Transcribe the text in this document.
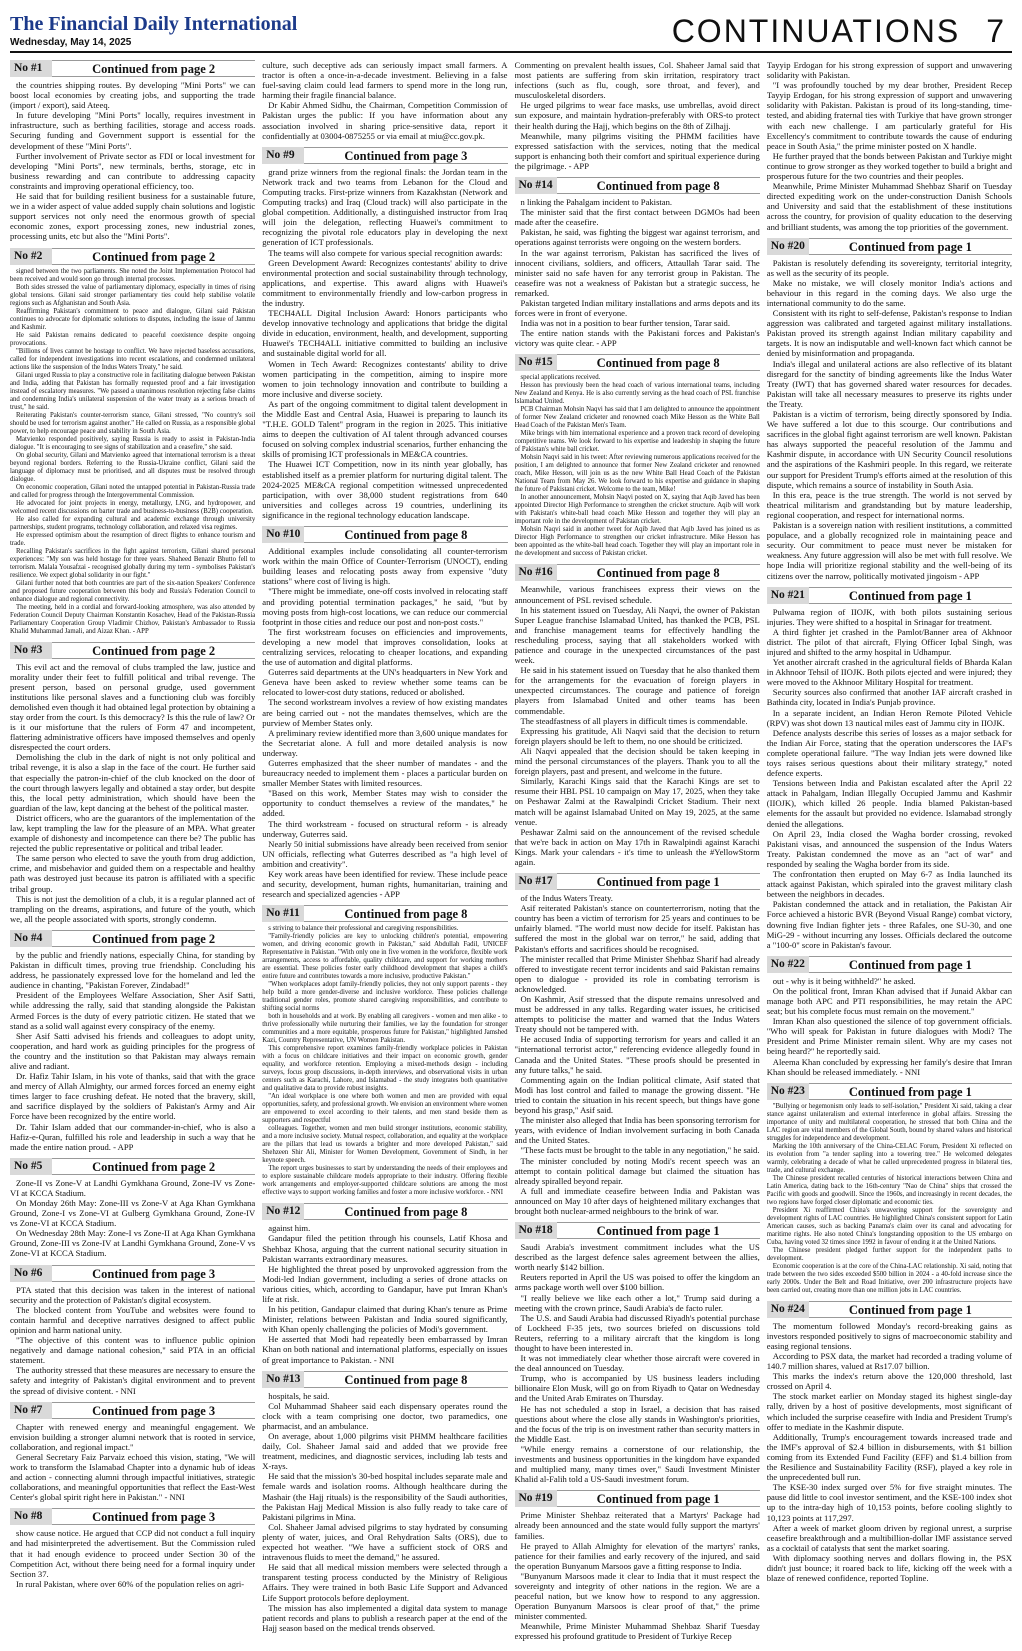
The Financial Daily International
Wednesday, May 14, 2025	CONTINUATIONS 7
No #1	Continued from page 2

the countries shipping routes. By developing "Mini Ports" we can boost local economies by creating jobs, and supporting the trade (import / export), said Ateeq.

In future developing "Mini Ports" locally, requires investment in infrastructure, such as berthing facilities, storage and access roads. Securing funding and Government support is essential for the development of these "Mini Ports".

Further involvement of Private sector as FDI or local investment for developing "Mini Ports", new terminals, berths, storage, etc in business rewarding and can contribute to addressing capacity constraints and improving operational efficiency, too.

He said that for building resilient business for a sustainable future, we in a wider aspect of value added supply chain solutions and logistic support services not only need the enormous growth of special economic zones, export processing zones, new industrial zones, processing units, etc but also the "Mini Ports".

No #2	Continued from page 2

signed between the two parliaments. She noted the Joint Implementation Protocol had been received and would soon go through internal processes.

Both sides stressed the value of parliamentary diplomacy, especially in times of rising global tensions. Gilani said stronger parliamentary ties could help stabilise volatile regions such as Afghanistan and South Asia.

Reaffirming Pakistan's commitment to peace and dialogue, Gilani said Pakistan continues to advocate for diplomatic solutions to disputes, including the issue of Jammu and Kashmir.

He said Pakistan remains dedicated to peaceful coexistence despite ongoing provocations.

"Billions of lives cannot be hostage to conflict. We have rejected baseless accusations, called for independent investigations into recent escalations, and condemned unilateral actions like the suspension of the Indus Waters Treaty," he said.

Gilani urged Russia to play a constructive role in facilitating dialogue between Pakistan and India, adding that Pakistan has formally requested proof and a fair investigation instead of escalatory measures. "We passed a unanimous resolution rejecting false claims and condemning India's unilateral suspension of the water treaty as a serious breach of trust," he said.

Reiterating Pakistan's counter-terrorism stance, Gilani stressed, "No country's soil should be used for terrorism against another." He called on Russia, as a responsible global power, to help encourage peace and stability in South Asia.

Matvienko responded positively, saying Russia is ready to assist in Pakistan-India dialogue. "It is encouraging to see signs of stabilization and a ceasefire," she said.

On global security, Gilani and Matvienko agreed that international terrorism is a threat beyond regional borders. Referring to the Russia-Ukraine conflict, Gilani said the language of diplomacy must be prioritised, and all disputes must be resolved through dialogue.

On economic cooperation, Gilani noted the untapped potential in Pakistan-Russia trade and called for progress through the Intergovernmental Commission.

He advocated for joint projects in energy, metallurgy, LNG, and hydropower, and welcomed recent discussions on barter trade and business-to-business (B2B) cooperation.

He also called for expanding cultural and academic exchange through university partnerships, student programs, technology collaboration, and relaxed visa regimes.

He expressed optimism about the resumption of direct flights to enhance tourism and trade.

Recalling Pakistan's sacrifices in the fight against terrorism, Gilani shared personal experiences: "My son was held hostage for three years. Shaheed Benazir Bhutto fell to terrorism. Malala Yousafzai - recognised globally during my term - symbolises Pakistan's resilience. We expect global solidarity in our fight."

Gilani further noted that both countries are part of the six-nation Speakers' Conference and proposed future cooperation between this body and Russia's Federation Council to enhance dialogue and regional connectivity.

The meeting, held in a cordial and forward-looking atmosphere, was also attended by Federation Council Deputy Chairman Konstantin Kosachev, Head of the Pakistan-Russia Parliamentary Cooperation Group Vladimir Chizhov, Pakistan's Ambassador to Russia Khalid Muhammad Jamali, and Aizaz Khan. - APP

No #3	Continued from page 2

This evil act and the removal of clubs trampled the law, justice and morality under their feet to fulfill political and tribal revenge. The present person, based on personal grudge, used government institutions like personal slaves and a functioning club was forcibly demolished even though it had obtained legal protection by obtaining a stay order from the court. Is this democracy? Is this the rule of law? Or is it our misfortune that the rulers of Form 47 and incompetent, flattering administrative officers have imposed themselves and openly disrespected the court orders.

Demolishing the club in the dark of night is not only political and tribal revenge, it is also a slap in the face of the court. He further said that especially the patron-in-chief of the club knocked on the door of the court through lawyers legally and obtained a stay order, but despite this, the local petty administration, which should have been the guardian of the law, kept dancing at the behest of the political master.

District officers, who are the guarantors of the implementation of the law, kept trampling the law for the pleasure of an MPA. What greater example of dishonesty and incompetence can there be? The public has rejected the public representative or political and tribal leader.

The same person who elected to save the youth from drug addiction, crime, and misbehavior and guided them on a respectable and healthy path was destroyed just because its patron is affiliated with a specific tribal group.

This is not just the demolition of a club, it is a regular planned act of trampling on the dreams, aspirations, and future of the youth, which we, all the people associated with sports, strongly condemn.

No #4	Continued from page 2

by the public and friendly nations, especially China, for standing by Pakistan in difficult times, proving true friendship. Concluding his address, he passionately expressed love for the homeland and led the audience in chanting, "Pakistan Forever, Zindabad!"

President of the Employees Welfare Association, Sher Asif Satti, while addressing the rally, said that standing alongside the Pakistan Armed Forces is the duty of every patriotic citizen. He stated that we stand as a solid wall against every conspiracy of the enemy.

Sher Asif Satti advised his friends and colleagues to adopt unity, cooperation, and hard work as guiding principles for the progress of the country and the institution so that Pakistan may always remain alive and radiant.

Dr. Hafiz Tahir Islam, in his vote of thanks, said that with the grace and mercy of Allah Almighty, our armed forces forced an enemy eight times larger to face crushing defeat. He noted that the bravery, skill, and sacrifice displayed by the soldiers of Pakistan's Army and Air Force have been recognized by the entire world.

Dr. Tahir Islam added that our commander-in-chief, who is also a Hafiz-e-Quran, fulfilled his role and leadership in such a way that he made the entire nation proud. - APP

No #5	Continued from page 2

Zone-II vs Zone-V at Landhi Gymkhana Ground, Zone-IV vs Zone-VI at KCCA Stadium.

On Monday 26th May: Zone-III vs Zone-V at Aga Khan Gymkhana Ground, Zone-I vs Zone-VI at Gulberg Gymkhana Ground, Zone-IV vs Zone-VI at KCCA Stadium.

On Wednesday 28th May: Zone-I vs Zone-II at Aga Khan Gymkhana Ground, Zone-III vs Zone-IV at Landhi Gymkhana Ground, Zone-V vs Zone-VI at KCCA Stadium.

No #6	Continued from page 3

PTA stated that this decision was taken in the interest of national security and the protection of Pakistan's digital ecosystem.

The blocked content from YouTube and websites were found to contain harmful and deceptive narratives designed to affect public opinion and harm national unity.

"The objective of this content was to influence public opinion negatively and damage national cohesion," said PTA in an official statement.

The authority stressed that these measures are necessary to ensure the safety and integrity of Pakistan's digital environment and to prevent the spread of divisive content. - NNI

No #7	Continued from page 3

Chapter with renewed energy and meaningful engagement. We envision building a stronger alumni network that is rooted in service, collaboration, and regional impact."

General Secretary Faiz Parvaiz echoed this vision, stating, "We will work to transform the Islamabad Chapter into a dynamic hub of ideas and action - connecting alumni through impactful initiatives, strategic collaborations, and meaningful opportunities that reflect the East-West Center's global spirit right here in Pakistan." - NNI

No #8	Continued from page 3

show cause notice. He argued that CCP did not conduct a full inquiry and had misinterpreted the advertisement. But the Commission ruled that it had enough evidence to proceed under Section 30 of the Competition Act, without there being need for a formal inquiry under Section 37.

In rural Pakistan, where over 60% of the population relies on agri-

culture, such deceptive ads can seriously impact small farmers. A tractor is often a once-in-a-decade investment. Believing in a false fuel-saving claim could lead farmers to spend more in the long run, harming their fragile financial balance.

Dr Kabir Ahmed Sidhu, the Chairman, Competition Commission of Pakistan urges the public: If you have information about any association involved in sharing price-sensitive data, report it confidentially at 03004-0875255 or via email at miu@cc.gov.pk.

No #9	Continued from page 3

grand prize winners from the regional finals: the Jordan team in the Network track and two teams from Lebanon for the Cloud and Computing tracks. First-prize winners from Kazakhstan (Network and Computing tracks) and Iraq (Cloud track) will also participate in the global competition. Additionally, a distinguished instructor from Iraq will join the delegation, reflecting Huawei's commitment to recognizing the pivotal role educators play in developing the next generation of ICT professionals.

The teams will also compete for various special recognition awards:

Green Development Award: Recognizes contestants' ability to drive environmental protection and social sustainability through technology, applications, and expertise. This award aligns with Huawei's commitment to environmentally friendly and low-carbon progress in the industry.

TECH4ALL Digital Inclusion Award: Honors participants who develop innovative technology and applications that bridge the digital divide in education, environment, health, and development, supporting Huawei's TECH4ALL initiative committed to building an inclusive and sustainable digital world for all.

Women in Tech Award: Recognizes contestants' ability to drive women participating in the competition, aiming to inspire more women to join technology innovation and contribute to building a more inclusive and diverse society.

As part of the ongoing commitment to digital talent development in the Middle East and Central Asia, Huawei is preparing to launch its "T.H.E. GOLD Talent" program in the region in 2025. This initiative aims to deepen the cultivation of AI talent through advanced courses focused on solving complex industrial scenarios, further enhancing the skills of promising ICT professionals in ME&CA countries.

The Huawei ICT Competition, now in its ninth year globally, has established itself as a premier platform for nurturing digital talent. The 2024-2025 ME&CA regional competition witnessed unprecedented participation, with over 38,000 student registrations from 640 universities and colleges across 19 countries, underlining its significance in the regional technology education landscape.

No #10	Continued from page 8

Additional examples include consolidating all counter-terrorism work within the main Office of Counter-Terrorism (UNOCT), ending building leases and relocating posts away from expensive "duty stations" where cost of living is high.

"There might be immediate, one-off costs involved in relocating staff and providing potential termination packages," he said, "but by moving posts from high-cost locations, we can reduce our commercial footprint in those cities and reduce our post and non-post costs."

The first workstream focuses on efficiencies and improvements, developing a new model that improves consolidation, looks at centralizing services, relocating to cheaper locations, and expanding the use of automation and digital platforms.

Guterres said departments at the UN's headquarters in New York and Geneva have been asked to review whether some teams can be relocated to lower-cost duty stations, reduced or abolished.

The second workstream involves a review of how existing mandates are being carried out - not the mandates themselves, which are the purview of Member States only.

A preliminary review identified more than 3,600 unique mandates for the Secretariat alone. A full and more detailed analysis is now underway.

Guterres emphasized that the sheer number of mandates - and the bureaucracy needed to implement them - places a particular burden on smaller Member States with limited resources.

"Based on this work, Member States may wish to consider the opportunity to conduct themselves a review of the mandates," he added.

The third workstream - focused on structural reform - is already underway, Guterres said.

Nearly 50 initial submissions have already been received from senior UN officials, reflecting what Guterres described as "a high level of ambition and creativity".

Key work areas have been identified for review. These include peace and security, development, human rights, humanitarian, training and research and specialized agencies - APP

No #11	Continued from page 8

s striving to balance their professional and caregiving responsibilities.

"Family-friendly policies are key to unlocking children's potential, empowering women, and driving economic growth in Pakistan," said Abdullah Fadil, UNICEF Representative in Pakistan. "With only one in five women in the workforce, flexible work arrangements, access to affordable, quality childcare, and support for working mothers are essential. These policies foster early childhood development that shapes a child's entire future and contributes towards a more inclusive, productive Pakistan."

"When workplaces adopt family-friendly policies, they not only support parents - they help build a more gender-diverse and inclusive workforce. These policies challenge traditional gender roles, promote shared caregiving responsibilities, and contribute to shifting social norms

both in households and at work. By enabling all caregivers - women and men alike - to thrive professionally while nurturing their families, we lay the foundation for stronger communities and a more equitable, prosperous future for Pakistan," highlighted Jamshed Kazi, Country Representative, UN Women Pakistan.

This comprehensive report examines family-friendly workplace policies in Pakistan with a focus on childcare initiatives and their impact on economic growth, gender equality, and workforce retention. Employing a mixed-methods design - including surveys, focus group discussions, in-depth interviews, and observational visits in urban centers such as Karachi, Lahore, and Islamabad - the study integrates both quantitative and qualitative data to provide robust insights.

"An ideal workplace is one where both women and men are provided with equal opportunities, safety, and professional growth. We envision an environment where women are empowered to excel according to their talents, and men stand beside them as supporters and respectful

colleagues. Together, women and men build stronger institutions, economic stability, and a more inclusive society. Mutual respect, collaboration, and equality at the workplace are the pillars that lead us towards a brighter and more developed Pakistan," said Shehzeen Shir Ali, Minister for Women Development, Government of Sindh, in her keynote speech.

The report urges businesses to start by understanding the needs of their employees and to explore sustainable childcare models appropriate to their industry. Offering flexible work arrangements and employer-supported childcare solutions are among the most effective ways to support working families and foster a more inclusive workforce. - NNI

No #12	Continued from page 8

against him.

Gandapur filed the petition through his counsels, Latif Khosa and Shehbaz Khosa, arguing that the current national security situation in Pakistan warrants extraordinary measures.

He highlighted the threat posed by unprovoked aggression from the Modi-led Indian government, including a series of drone attacks on various cities, which, according to Gandapur, have put Imran Khan's life at risk.

In his petition, Gandapur claimed that during Khan's tenure as Prime Minister, relations between Pakistan and India soured significantly, with Khan openly challenging the policies of Modi's government.

He asserted that Modi had repeatedly been embarrassed by Imran Khan on both national and international platforms, especially on issues of great importance to Pakistan. - NNI

No #13	Continued from page 8

hospitals, he said.

Col Muhammad Shaheer said each dispensary operates round the clock with a team comprising one doctor, two paramedics, one pharmacist, and an ambulance.

On average, about 1,000 pilgrims visit PHMM healthcare facilities daily, Col. Shaheer Jamal said and added that we provide free treatment, medicines, and diagnostic services, including lab tests and X-rays.

He said that the mission's 30-bed hospital includes separate male and female wards and isolation rooms. Although healthcare during the Mashair (the Hajj rituals) is the responsibility of the Saudi authorities, the Pakistan Hajj Medical Mission is also fully ready to take care of Pakistani pilgrims in Mina.

Col. Shaheer Jamal advised pilgrims to stay hydrated by consuming plenty of water, juices, and Oral Rehydration Salts (ORS), due to expected hot weather. "We have a sufficient stock of ORS and intravenous fluids to meet the demand," he assured.

He said that all medical mission members were selected through a transparent testing process conducted by the Ministry of Religious Affairs. They were trained in both Basic Life Support and Advanced Life Support protocols before deployment.

The mission has also implemented a digital data system to manage patient records and plans to publish a research paper at the end of the Hajj season based on the medical trends observed.

Commenting on prevalent health issues, Col. Shaheer Jamal said that most patients are suffering from skin irritation, respiratory tract infections (such as flu, cough, sore throat, and fever), and musculoskeletal disorders.

He urged pilgrims to wear face masks, use umbrellas, avoid direct sun exposure, and maintain hydration-preferably with ORS-to protect their health during the Hajj, which begins on the 8th of Zilhajj.

Meanwhile, many pilgrims visiting the PHMM facilities have expressed satisfaction with the services, noting that the medical support is enhancing both their comfort and spiritual experience during the pilgrimage. - APP

No #14	Continued from page 8

n linking the Pahalgam incident to Pakistan.

The minister said that the first contact between DGMOs had been made after the ceasefire.

Pakistan, he said, was fighting the biggest war against terrorism, and operations against terrorists were ongoing on the western borders.

In the war against terrorism, Pakistan has sacrificed the lives of innocent civilians, soldiers, and officers, Attaullah Tarar said. The minister said no safe haven for any terrorist group in Pakistan. The ceasefire was not a weakness of Pakistan but a strategic success, he remarked.

Pakistan targeted Indian military installations and arms depots and its forces were in front of everyone.

India was not in a position to bear further tension, Tarar said.

The entire nation stands with the Pakistani forces and Pakistan's victory was quite clear. - APP

No #15	Continued from page 8

special applications received.

Hesson has previously been the head coach of various international teams, including New Zealand and Kenya. He is also currently serving as the head coach of PSL franchise Islamabad United.

PCB Chairman Mohsin Naqvi has said that I am delighted to announce the appointment of former New Zealand cricketer and renowned coach Mike Hesson as the White Ball Head Coach of the Pakistan Men's Team.

Mike brings with him international experience and a proven track record of developing competitive teams. We look forward to his expertise and leadership in shaping the future of Pakistan's white ball cricket.

Mohsin Naqvi said in his tweet: After reviewing numerous applications received for the position, I am delighted to announce that former New Zealand cricketer and renowned coach, Mike Hesson, will join us as the new White Ball Head Coach of the Pakistan National Team from May 26. We look forward to his expertise and guidance in shaping the future of Pakistani cricket. Welcome to the team, Mike!

In another announcement, Mohsin Naqvi posted on X, saying that Aqib Javed has been appointed Director High Performance to strengthen the cricket structure. Aqib will work with Pakistan's white-ball head coach Mike Hesson and together they will play an important role in the development of Pakistan cricket.

Mohsin Naqvi said in another tweet for Aqib Javed that Aqib Javed has joined us as Director High Performance to strengthen our cricket infrastructure. Mike Hesson has been appointed as the white-ball head coach. Together they will play an important role in the development and success of Pakistan cricket.

No #16	Continued from page 8

Meanwhile, various franchisees express their views on the announcement of PSL revised schedule.

In his statement issued on Tuesday, Ali Naqvi, the owner of Pakistan Super League franchise Islamabad United, has thanked the PCB, PSL and franchise management teams for effectively handling the rescheduling process, saying that all stakeholders worked with patience and courage in the unexpected circumstances of the past week.

He said in his statement issued on Tuesday that he also thanked them for the arrangements for the evacuation of foreign players in unexpected circumstances. The courage and patience of foreign players from Islamabad United and other teams has been commendable.

The steadfastness of all players in difficult times is commendable.

Expressing his gratitude, Ali Naqvi said that the decision to return foreign players should be left to them, no one should be criticized.

Ali Naqvi appealed that the decision should be taken keeping in mind the personal circumstances of the players. Thank you to all the foreign players, past and present, and welcome in the future.

Similarly, Karachi Kings said that the Karachi Kings are set to resume their HBL PSL 10 campaign on May 17, 2025, when they take on Peshawar Zalmi at the Rawalpindi Cricket Stadium. Their next match will be against Islamabad United on May 19, 2025, at the same venue.

Peshawar Zalmi said on the announcement of the revised schedule that we're back in action on May 17th in Rawalpindi against Karachi Kings. Mark your calendars - it's time to unleash the #YellowStorm again.

No #17	Continued from page 1

of the Indus Waters Treaty.

Asif reiterated Pakistan's stance on counterterrorism, noting that the country has been a victim of terrorism for 25 years and continues to be unfairly blamed. "The world must now decide for itself. Pakistan has suffered the most in the global war on terror," he said, adding that Pakistan's efforts and sacrifices should be recognised.

The minister recalled that Prime Minister Shehbaz Sharif had already offered to investigate recent terror incidents and said Pakistan remains open to dialogue - provided its role in combating terrorism is acknowledged.

On Kashmir, Asif stressed that the dispute remains unresolved and must be addressed in any talks. Regarding water issues, he criticised attempts to politicise the matter and warned that the Indus Waters Treaty should not be tampered with.

He accused India of supporting terrorism for years and called it an "international terrorist actor," referencing evidence allegedly found in Canada and the United States. "These proofs should be presented in any future talks," he said.

Commenting again on the Indian political climate, Asif stated that Modi has lost control and failed to manage the growing dissent. "He tried to contain the situation in his recent speech, but things have gone beyond his grasp," Asif said.

The minister also alleged that India has been sponsoring terrorism for years, with evidence of Indian involvement surfacing in both Canada and the United States.

"These facts must be brought to the table in any negotiation," he said.

The minister concluded by noting Modi's recent speech was an attempt to contain political damage but claimed the situation has already spiralled beyond repair.

A full and immediate ceasefire between India and Pakistan was announced on May 10 after days of heightened military exchanges that brought both nuclear-armed neighbours to the brink of war.

No #18	Continued from page 1

Saudi Arabia's investment commitment includes what the US described as the largest defence sales agreement between the allies, worth nearly $142 billion.

Reuters reported in April the US was poised to offer the kingdom an arms package worth well over $100 billion.

"I really believe we like each other a lot," Trump said during a meeting with the crown prince, Saudi Arabia's de facto ruler.

The U.S. and Saudi Arabia had discussed Riyadh's potential purchase of Lockheed F-35 jets, two sources briefed on discussions told Reuters, referring to a military aircraft that the kingdom is long thought to have been interested in.

It was not immediately clear whether those aircraft were covered in the deal announced on Tuesday.

Trump, who is accompanied by US business leaders including billionaire Elon Musk, will go on from Riyadh to Qatar on Wednesday and the United Arab Emirates on Thursday.

He has not scheduled a stop in Israel, a decision that has raised questions about where the close ally stands in Washington's priorities, and the focus of the trip is on investment rather than security matters in the Middle East.

"While energy remains a cornerstone of our relationship, the investments and business opportunities in the kingdom have expanded and multiplied many, many times over," Saudi Investment Minister Khalid al-Falih told a US-Saudi investment forum.

No #19	Continued from page 1

Prime Minister Shehbaz reiterated that a Martyrs' Package had already been announced and the state would fully support the martyrs' families.

He prayed to Allah Almighty for elevation of the martyrs' ranks, patience for their families and early recovery of the injured, and said the operation Bunyanum Marsoos gave a fitting response to India.

"Bunyanum Marsoos made it clear to India that it must respect the sovereignty and integrity of other nations in the region. We are a peaceful nation, but we know how to respond to any aggression. Operation Bunyanum Marsoos is clear proof of that," the prime minister commented.

Meanwhile, Prime Minister Muhammad Shehbaz Sharif Tuesday expressed his profound gratitude to President of Turkiye Recep

Tayyip Erdogan for his strong expression of support and unwavering solidarity with Pakistan.

"I was profoundly touched by my dear brother, President Recep Tayyip Erdogan, for his strong expression of support and unwavering solidarity with Pakistan. Pakistan is proud of its long-standing, time-tested, and abiding fraternal ties with Turkiye that have grown stronger with each new challenge. I am particularly grateful for His Excellency's commitment to contribute towards the cause of enduring peace in South Asia," the prime minister posted on X handle.

He further prayed that the bonds between Pakistan and Turkiye might continue to grow stronger as they worked together to build a bright and prosperous future for the two countries and their peoples.

Meanwhile, Prime Minister Muhammad Shehbaz Sharif on Tuesday directed expediting work on the under-construction Danish Schools and University and said that the establishment of these institutions across the country, for provision of quality education to the deserving and brilliant students, was among the top priorities of the government.

No #20	Continued from page 1

Pakistan is resolutely defending its sovereignty, territorial integrity, as well as the security of its people.

Make no mistake, we will closely monitor India's actions and behaviour in this regard in the coming days. We also urge the international community to do the same.

Consistent with its right to self-defense, Pakistan's response to Indian aggression was calibrated and targeted against military installations. Pakistan proved its strength against Indian military capability and targets. It is now an indisputable and well-known fact which cannot be denied by misinformation and propaganda.

India's illegal and unilateral actions are also reflective of its blatant disregard for the sanctity of binding agreements like the Indus Water Treaty (IWT) that has governed shared water resources for decades. Pakistan will take all necessary measures to preserve its rights under the Treaty.

Pakistan is a victim of terrorism, being directly sponsored by India. We have suffered a lot due to this scourge. Our contributions and sacrifices in the global fight against terrorism are well known. Pakistan has always supported the peaceful resolution of the Jammu and Kashmir dispute, in accordance with UN Security Council resolutions and the aspirations of the Kashmiri people. In this regard, we reiterate our support for President Trump's efforts aimed at the resolution of this dispute, which remains a source of instability in South Asia.

In this era, peace is the true strength. The world is not served by theatrical militarism and grandstanding but by mature leadership, regional cooperation, and respect for international norms.

Pakistan is a sovereign nation with resilient institutions, a committed populace, and a globally recognized role in maintaining peace and security. Our commitment to peace must never be mistaken for weakness. Any future aggression will also be met with full resolve. We hope India will prioritize regional stability and the well-being of its citizens over the narrow, politically motivated jingoism - APP

No #21	Continued from page 1

Pulwama region of IIOJK, with both pilots sustaining serious injuries. They were shifted to a hospital in Srinagar for treatment.

A third fighter jet crashed in the Pamlot/Banner area of Akhnoor district. The pilot of that aircraft, Flying Officer Iqbal Singh, was injured and shifted to the army hospital in Udhampur.

Yet another aircraft crashed in the agricultural fields of Bharda Kalan in Akhnoor Tehsil of IIOJK. Both pilots ejected and were injured; they were moved to the Akhnoor Military Hospital for treatment.

Security sources also confirmed that another IAF aircraft crashed in Bathinda city, located in India's Punjab province.

In a separate incident, an Indian Heron Remote Piloted Vehicle (RPV) was shot down 13 nautical miles east of Jammu city in IIOJK.

Defence analysts describe this series of losses as a major setback for the Indian Air Force, stating that the operation underscores the IAF's complete operational failure. "The way Indian jets were downed like toys raises serious questions about their military strategy," noted defence experts.

Tensions between India and Pakistan escalated after the April 22 attack in Pahalgam, Indian Illegally Occupied Jammu and Kashmir (IIOJK), which killed 26 people. India blamed Pakistan-based elements for the assault but provided no evidence. Islamabad strongly denied the allegations.

On April 23, India closed the Wagha border crossing, revoked Pakistani visas, and announced the suspension of the Indus Waters Treaty. Pakistan condemned the move as an "act of war" and responded by sealing the Wagha border from its side.

The confrontation then erupted on May 6-7 as India launched its attack against Pakistan, which spiraled into the gravest military clash between the neighbors in decades.

Pakistan condemned the attack and in retaliation, the Pakistan Air Force achieved a historic BVR (Beyond Visual Range) combat victory, downing five Indian fighter jets - three Rafales, one SU-30, and one MiG-29 - without incurring any losses. Officials declared the outcome a "100-0" score in Pakistan's favour.

No #22	Continued from page 1

out - why is it being withheld?" he asked.

On the political front, Imran Khan advised that if Junaid Akbar can manage both APC and PTI responsibilities, he may retain the APC seat; but his complete focus must remain on the movement."

Imran Khan also questioned the silence of top government officials. "Who will speak for Pakistan in future dialogues with Modi? The President and Prime Minister remain silent. Why are my cases not being heard?" he reportedly said.

Aleema Khan concluded by expressing her family's desire that Imran Khan should be released immediately. - NNI

No #23	Continued from page 1

"Bullying or hegemonism only leads to self-isolation," President Xi said, taking a clear stance against unilateralism and external interference in global affairs. Stressing the importance of unity and multilateral cooperation, he stressed that both China and the LAC region are vital members of the Global South, bound by shared values and historical struggles for independence and development.

Marking the 10th anniversary of the China-CELAC Forum, President Xi reflected on its evolution from "a tender sapling into a towering tree." He welcomed delegates warmly, celebrating a decade of what he called unprecedented progress in bilateral ties, trade, and cultural exchange.

The Chinese president recalled centuries of historical interactions between China and Latin America, dating back to the 16th-century "Nao de China" ships that crossed the Pacific with goods and goodwill. Since the 1960s, and increasingly in recent decades, the two regions have forged closer diplomatic and economic ties.

President Xi reaffirmed China's unwavering support for the sovereignty and development rights of LAC countries. He highlighted China's consistent support for Latin American causes, such as backing Panama's claim over its canal and advocating for maritime rights. He also noted China's longstanding opposition to the US embargo on Cuba, having voted 32 times since 1992 in favour of ending it at the United Nations.

The Chinese president pledged further support for the independent paths to development.

Economic cooperation is at the core of the China-LAC relationship. Xi said, noting that trade between the two sides exceeded $500 billion in 2024 - a 40-fold increase since the early 2000s. Under the Belt and Road Initiative, over 200 infrastructure projects have been carried out, creating more than one million jobs in LAC countries.

No #24	Continued from page 1

The momentum followed Monday's record-breaking gains as investors responded positively to signs of macroeconomic stability and easing regional tensions.

According to PSX data, the market had recorded a trading volume of 140.7 million shares, valued at Rs17.07 billion.

This marks the index's return above the 120,000 threshold, last crossed on April 4.

The stock market earlier on Monday staged its highest single-day rally, driven by a host of positive developments, most significant of which included the surprise ceasefire with India and President Trump's offer to mediate in the Kashmir dispute.

Additionally, Trump's encouragement towards increased trade and the IMF's approval of $2.4 billion in disbursements, with $1 billion coming from its Extended Fund Facility (EFF) and $1.4 billion from the Resilience and Sustainability Facility (RSF), played a key role in the unprecedented bull run.

The KSE-30 index surged over 5% for five straight minutes. The pause did little to cool investor sentiment, and the KSE-100 index shot up to the intra-day high of 10,153 points, before cooling slightly to 10,123 points at 117,297.

After a week of market gloom driven by regional unrest, a surprise ceasefire breakthrough and a multibillion-dollar IMF assistance served as a cocktail of catalysts that sent the market soaring.

With diplomacy soothing nerves and dollars flowing in, the PSX didn't just bounce; it roared back to life, kicking off the week with a blaze of renewed confidence, reported Topline.
